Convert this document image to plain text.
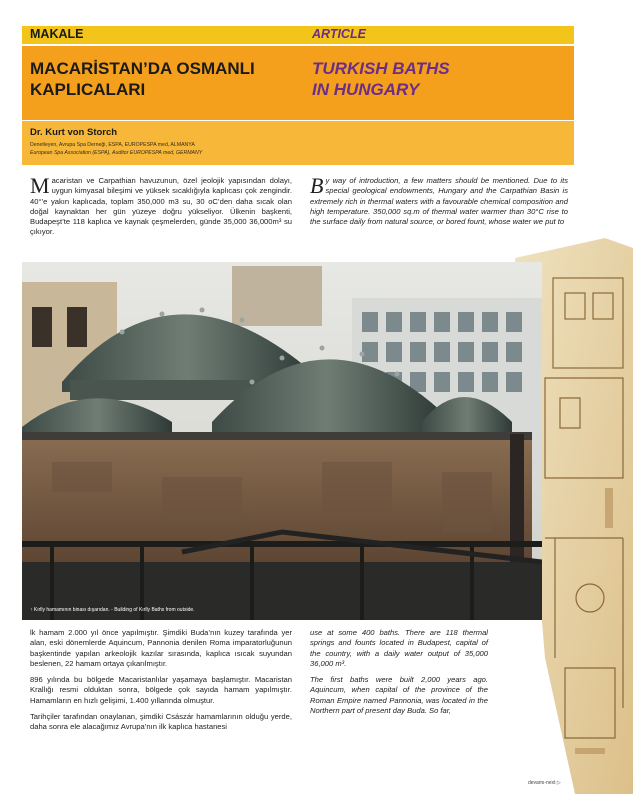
MAKALE	ARTICLE
MACARİSTAN’DA OSMANLI
KAPLICALARI
TURKISH BATHS
IN HUNGARY
Dr. Kurt von Storch
Denetleyen, Avrupa Spa Derneği, ESPA, EUROPESPA med, ALMANYA
European Spa Association (ESPA), Auditor EUROPESPA med, GERMANY
Macaristan ve Carpathian havuzunun, özel jeolojik yapısından dolayı, uygun kimyasal bileşimi ve yüksek sıcaklığıyla kaplıcası çok zengindir. 40°’e yakın kaplıcada, toplam 350,000 m3 su, 30 oC’den daha sıcak olan doğal kaynaktan her gün yüzeye doğru yükseliyor. Ülkenin başkenti, Budapeşt’te 118 kaplıca ve kaynak çeşmelerden, günde 35,000 36,000m³ su çıkıyor.
By way of introduction, a few matters should be mentioned. Due to its special geological endowments, Hungary and the Carpathian Basin is extremely rich in thermal waters with a favourable chemical composition and high temperature. 350,000 sq.m of thermal water warmer than 30°C rise to the surface daily from natural source, or bored fount, whose water we put to
↑ Kırlly hamamının binası dışarıdan. - Building of Kırlly Baths from outside.

lk hamam 2.000 yıl önce yapılmıştır. Şimdiki Buda’nın kuzey tarafında yer alan, eski dönemlerde Aquincum, Pannonia denilen Roma imparatorluğunun başkentinde yapılan arkeolojik kazılar sırasında, kaplıca ısıcak suyundan beslenen, 22 hamam ortaya çıkarılmıştır.

896 yılında bu bölgede Macaristanlılar yaşamaya başlamıştır. Macaristan Krallığı resmi olduktan sonra, bölgede çok sayıda hamam yapılmıştır. Hamamların en hızlı gelişimi, 1.400 yıllarında olmuştur.

Tarihçiler tarafından onaylanan, şimdiki Császár hamamlarının olduğu yerde, daha sonra ele alacağımız Avrupa’nın ilk kaplıca hastanesi

use at some 400 baths. There are 118 thermal springs and founts located in Budapest, capital of the country, with a daily water output of 35,000 36,000 m³.

The first baths were built 2,000 years ago. Aquincum, when capital of the province of the Roman Empire named Pannonia, was located in the Northern part of present day Buda. So far,

devamı-next ▷
